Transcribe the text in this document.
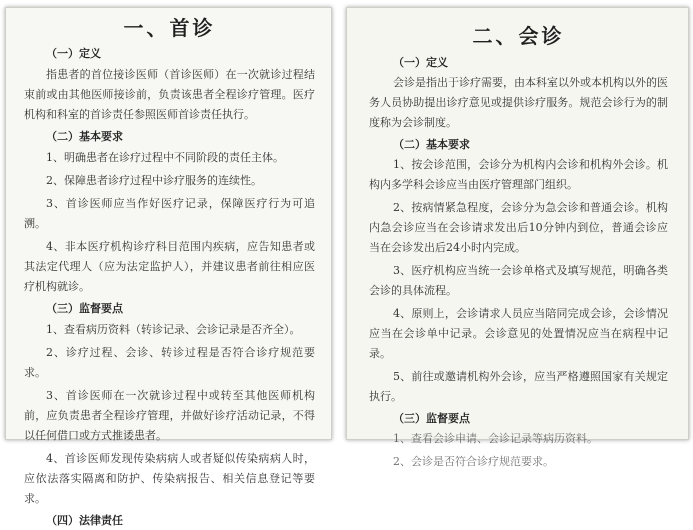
一、首诊
（一）定义
指患者的首位接诊医师（首诊医师）在一次就诊过程结束前或由其他医师接诊前，负责该患者全程诊疗管理。医疗机构和科室的首诊责任参照医师首诊责任执行。
（二）基本要求
1、明确患者在诊疗过程中不同阶段的责任主体。
2、保障患者诊疗过程中诊疗服务的连续性。
3、首诊医师应当作好医疗记录，保障医疗行为可追溯。
4、非本医疗机构诊疗科目范围内疾病，应告知患者或其法定代理人（应为法定监护人），并建议患者前往相应医疗机构就诊。
（三）监督要点
1、查看病历资料（转诊记录、会诊记录是否齐全）。
2、诊疗过程、会诊、转诊过程是否符合诊疗规范要求。
3、首诊医师在一次就诊过程中或转至其他医师机构前，应负责患者全程诊疗管理，并做好诊疗活动记录，不得以任何借口或方式推诿患者。
4、首诊医师发现传染病病人或者疑似传染病病人时，应依法落实隔离和防护、传染病报告、相关信息登记等要求。
（四）法律责任
二、会诊
（一）定义
会诊是指出于诊疗需要，由本科室以外或本机构以外的医务人员协助提出诊疗意见或提供诊疗服务。规范会诊行为的制度称为会诊制度。
（二）基本要求
1、按会诊范围，会诊分为机构内会诊和机构外会诊。机构内多学科会诊应当由医疗管理部门组织。
2、按病情紧急程度，会诊分为急会诊和普通会诊。机构内急会诊应当在会诊请求发出后10分钟内到位，普通会诊应当在会诊发出后24小时内完成。
3、医疗机构应当统一会诊单格式及填写规范，明确各类会诊的具体流程。
4、原则上，会诊请求人员应当陪同完成会诊，会诊情况应当在会诊单中记录。会诊意见的处置情况应当在病程中记录。
5、前往或邀请机构外会诊，应当严格遵照国家有关规定执行。
（三）监督要点
1、查看会诊申请、会诊记录等病历资料。
2、会诊是否符合诊疗规范要求。
